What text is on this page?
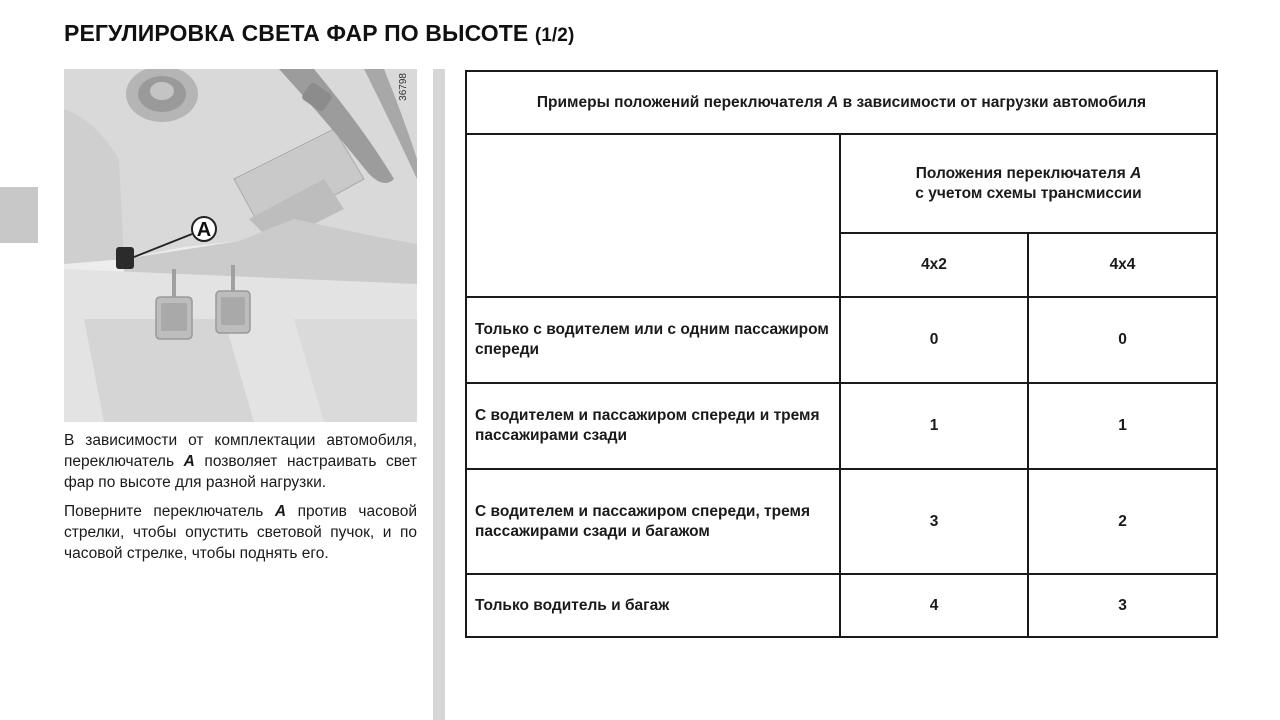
РЕГУЛИРОВКА СВЕТА ФАР ПО ВЫСОТЕ (1/2)
A
36798

В зависимости от комплектации автомобиля, переключатель A позволяет настраивать свет фар по высоте для разной нагрузки.

Поверните переключатель A против часовой стрелки, чтобы опустить световой пучок, и по часовой стрелке, чтобы поднять его.

Примеры положений переключателя A в зависимости от нагрузки автомобиля		
	Положения переключателя A
с учетом схемы трансмиссии	
	4x2	4x4
Только с водителем или с одним пассажиром спереди	0	0
С водителем и пассажиром спереди и тремя пассажирами сзади	1	1
С водителем и пассажиром спереди, тремя пассажирами сзади и багажом	3	2
Только водитель и багаж	4	3
